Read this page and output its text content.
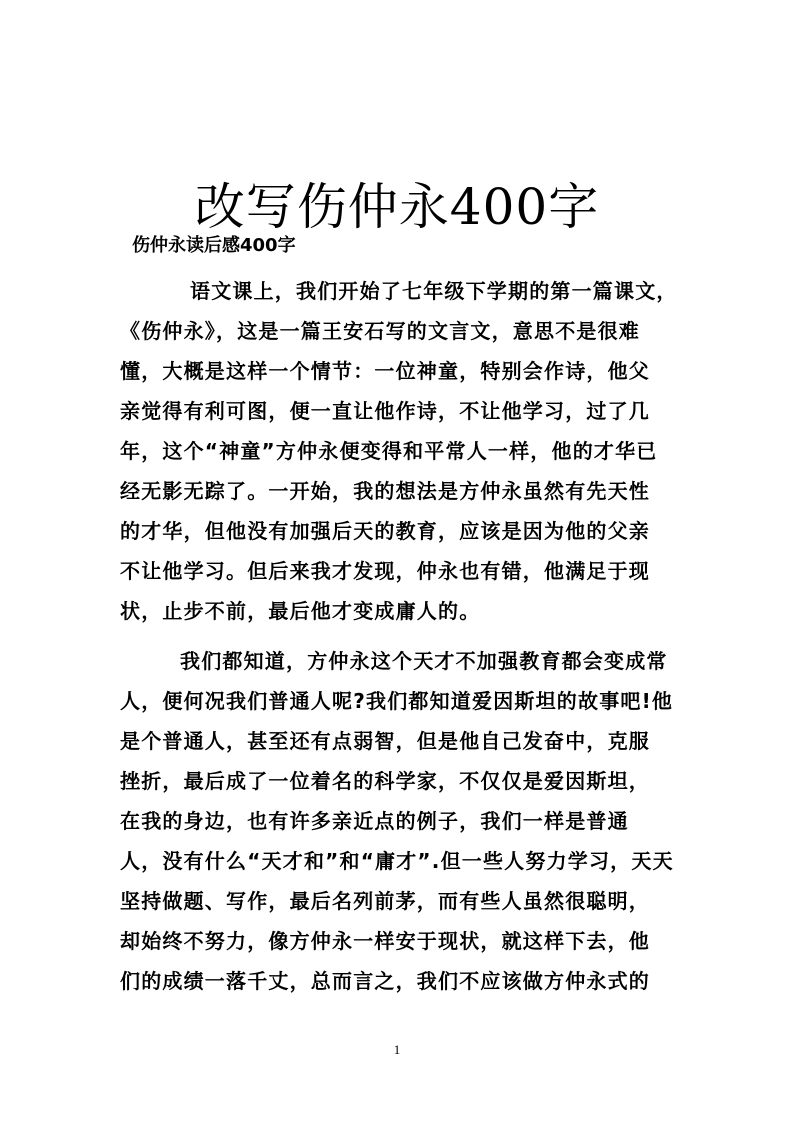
改写伤仲永400字
伤仲永读后感400字
语文课上，我们开始了七年级下学期的第一篇课文，
《伤仲永》，这是一篇王安石写的文言文，意思不是很难
懂，大概是这样一个情节：一位神童，特别会作诗，他父
亲觉得有利可图，便一直让他作诗，不让他学习，过了几
年，这个“神童”方仲永便变得和平常人一样，他的才华已
经无影无踪了。一开始，我的想法是方仲永虽然有先天性
的才华，但他没有加强后天的教育，应该是因为他的父亲
不让他学习。但后来我才发现，仲永也有错，他满足于现
状，止步不前，最后他才变成庸人的。
我们都知道，方仲永这个天才不加强教育都会变成常
人，便何况我们普通人呢?我们都知道爱因斯坦的故事吧!他
是个普通人，甚至还有点弱智，但是他自己发奋中，克服
挫折，最后成了一位着名的科学家，不仅仅是爱因斯坦，
在我的身边，也有许多亲近点的例子，我们一样是普通
人，没有什么“天才和”和“庸才”.但一些人努力学习，天天
坚持做题、写作，最后名列前茅，而有些人虽然很聪明，
却始终不努力，像方仲永一样安于现状，就这样下去，他
们的成绩一落千丈，总而言之，我们不应该做方仲永式的
1
